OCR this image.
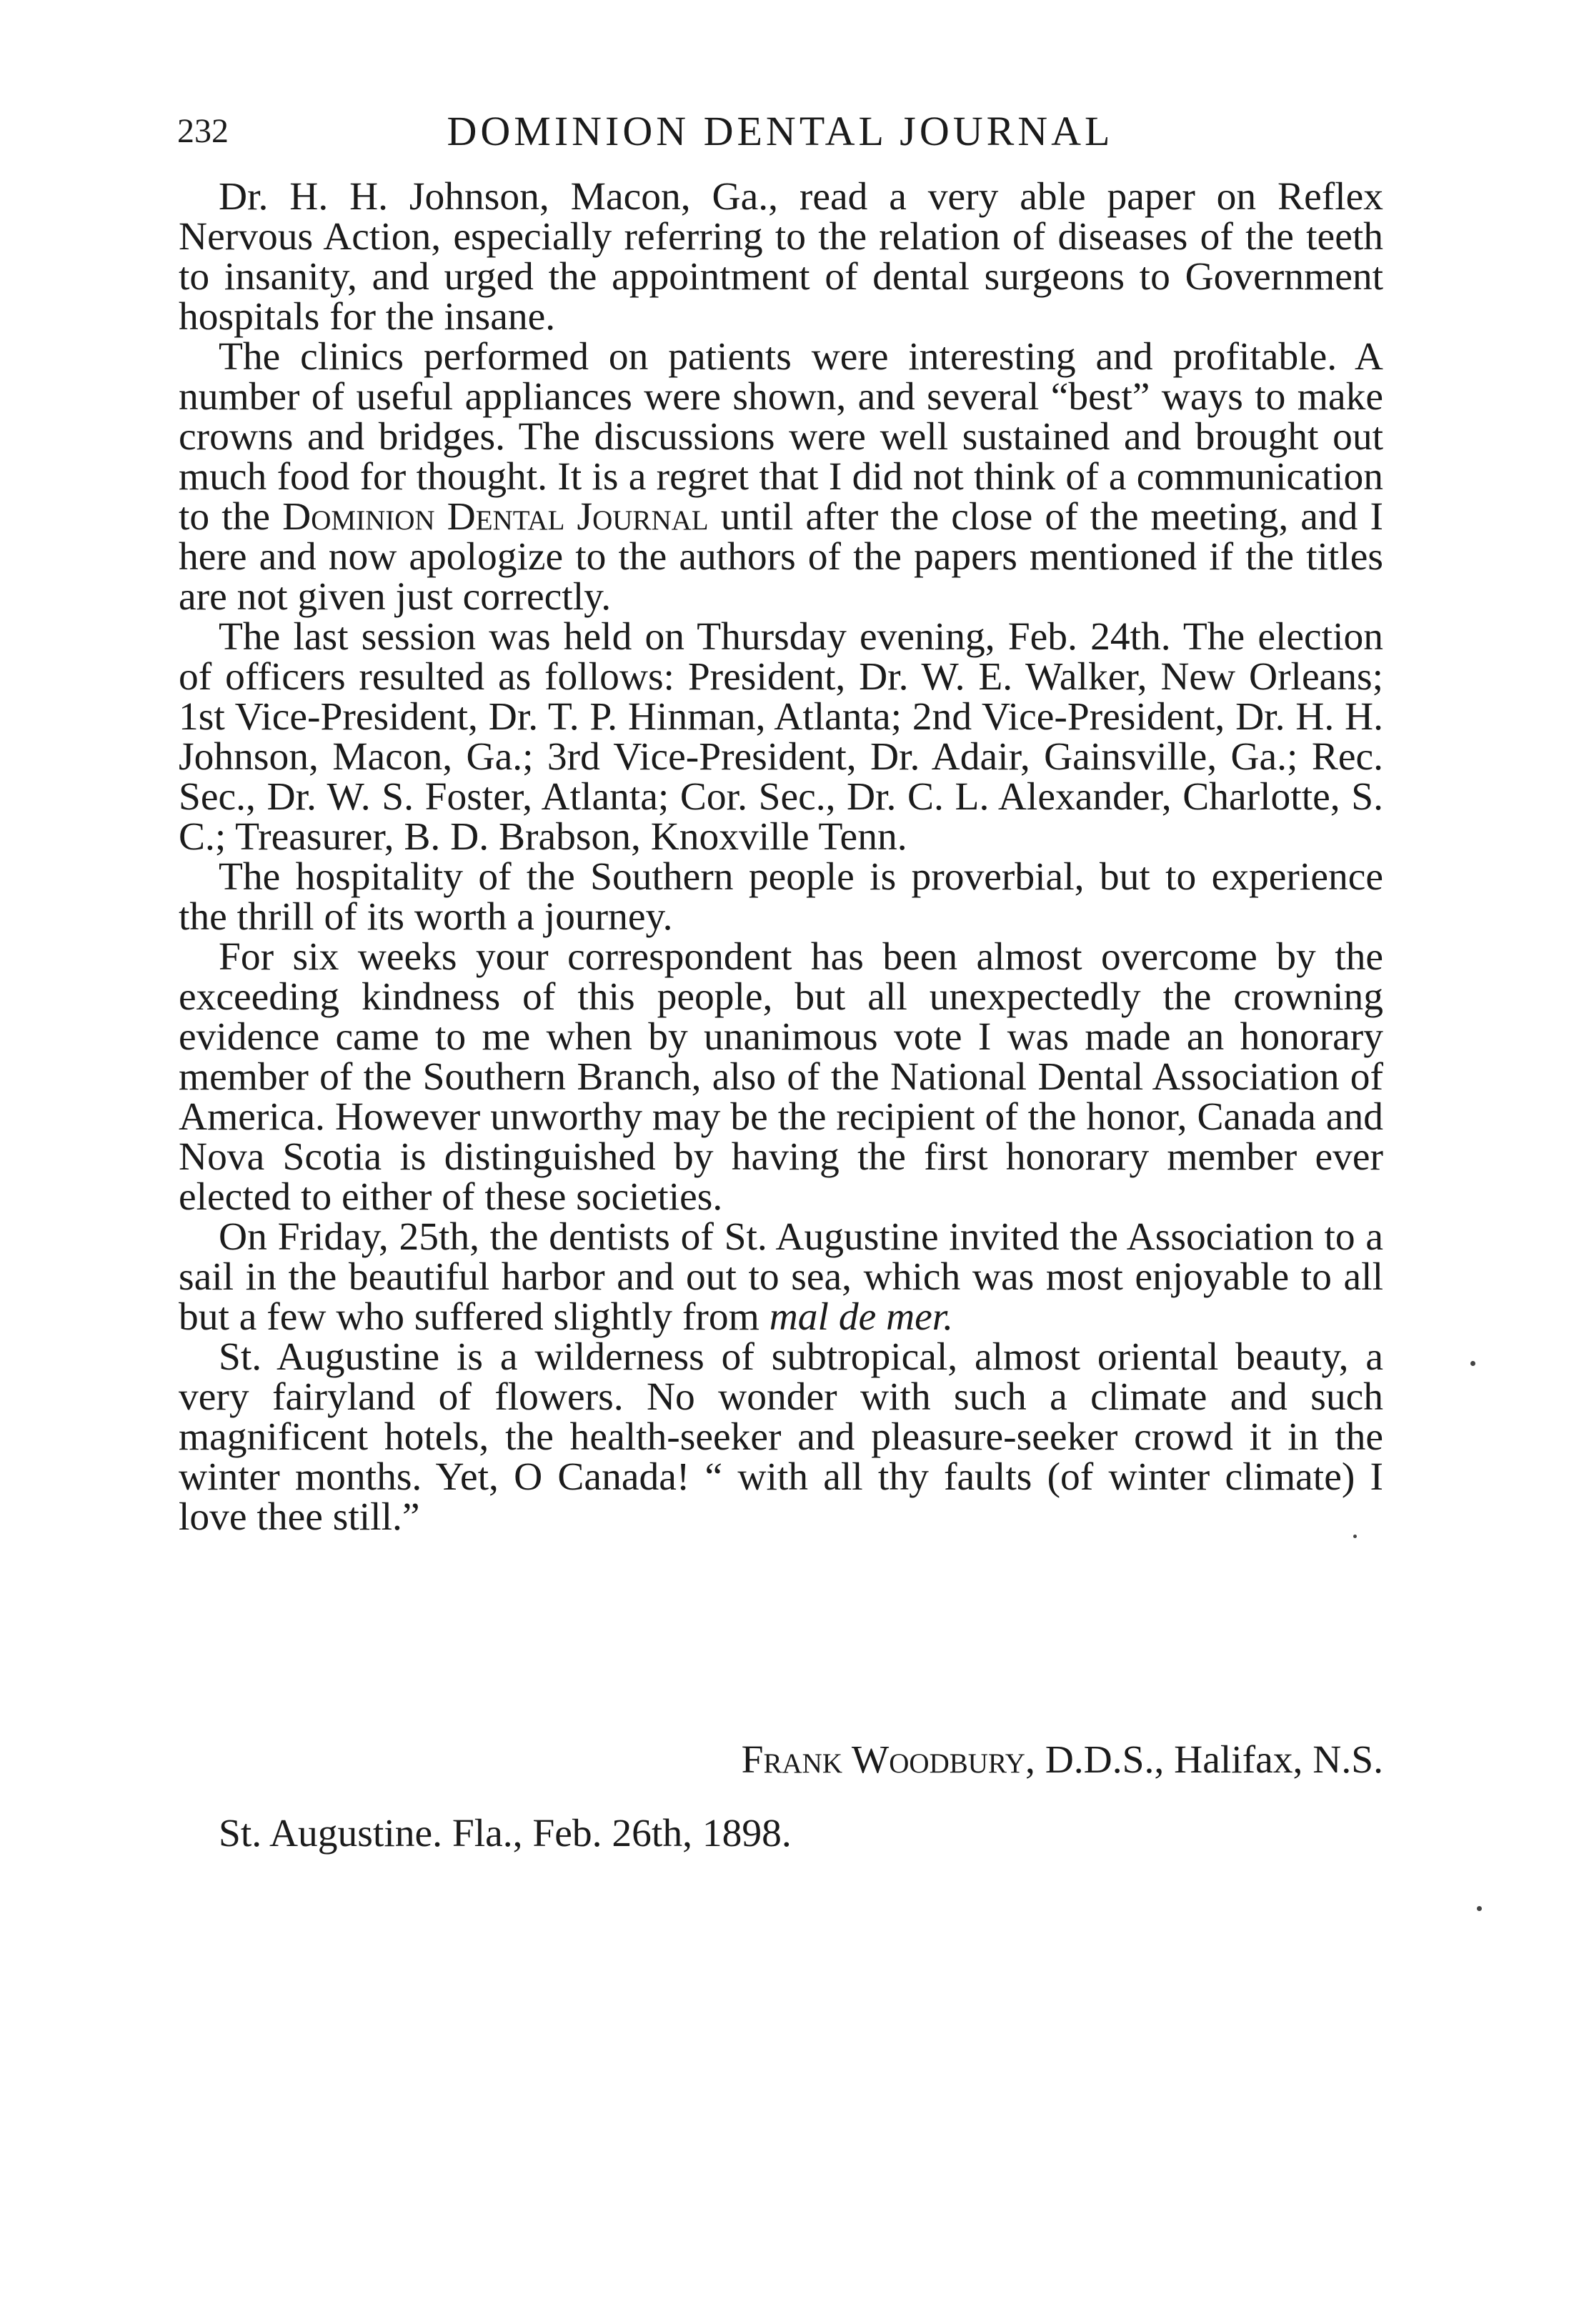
232	DOMINION DENTAL JOURNAL

Dr. H. H. Johnson, Macon, Ga., read a very able paper on Reflex Nervous Action, especially referring to the relation of diseases of the teeth to insanity, and urged the appointment of dental surgeons to Government hospitals for the insane.

The clinics performed on patients were interesting and profitable. A number of useful appliances were shown, and several “best” ways to make crowns and bridges. The discussions were well sustained and brought out much food for thought. It is a regret that I did not think of a communication to the Dominion Dental Journal until after the close of the meeting, and I here and now apologize to the authors of the papers mentioned if the titles are not given just correctly.

The last session was held on Thursday evening, Feb. 24th. The election of officers resulted as follows: President, Dr. W. E. Walker, New Orleans; 1st Vice-President, Dr. T. P. Hinman, Atlanta; 2nd Vice-President, Dr. H. H. Johnson, Macon, Ga.; 3rd Vice-President, Dr. Adair, Gainsville, Ga.; Rec. Sec., Dr. W. S. Foster, Atlanta; Cor. Sec., Dr. C. L. Alexander, Charlotte, S. C.; Treasurer, B. D. Brabson, Knoxville Tenn.

The hospitality of the Southern people is proverbial, but to experience the thrill of its worth a journey.

For six weeks your correspondent has been almost overcome by the exceeding kindness of this people, but all unexpectedly the crowning evidence came to me when by unanimous vote I was made an honorary member of the Southern Branch, also of the National Dental Association of America. However unworthy may be the recipient of the honor, Canada and Nova Scotia is distinguished by having the first honorary member ever elected to either of these societies.

On Friday, 25th, the dentists of St. Augustine invited the Association to a sail in the beautiful harbor and out to sea, which was most enjoyable to all but a few who suffered slightly from mal de mer.

St. Augustine is a wilderness of subtropical, almost oriental beauty, a very fairyland of flowers. No wonder with such a climate and such magnificent hotels, the health-seeker and pleasure-seeker crowd it in the winter months. Yet, O Canada! “ with all thy faults (of winter climate) I love thee still.”

Frank Woodbury, D.D.S., Halifax, N.S.
St. Augustine. Fla., Feb. 26th, 1898.
